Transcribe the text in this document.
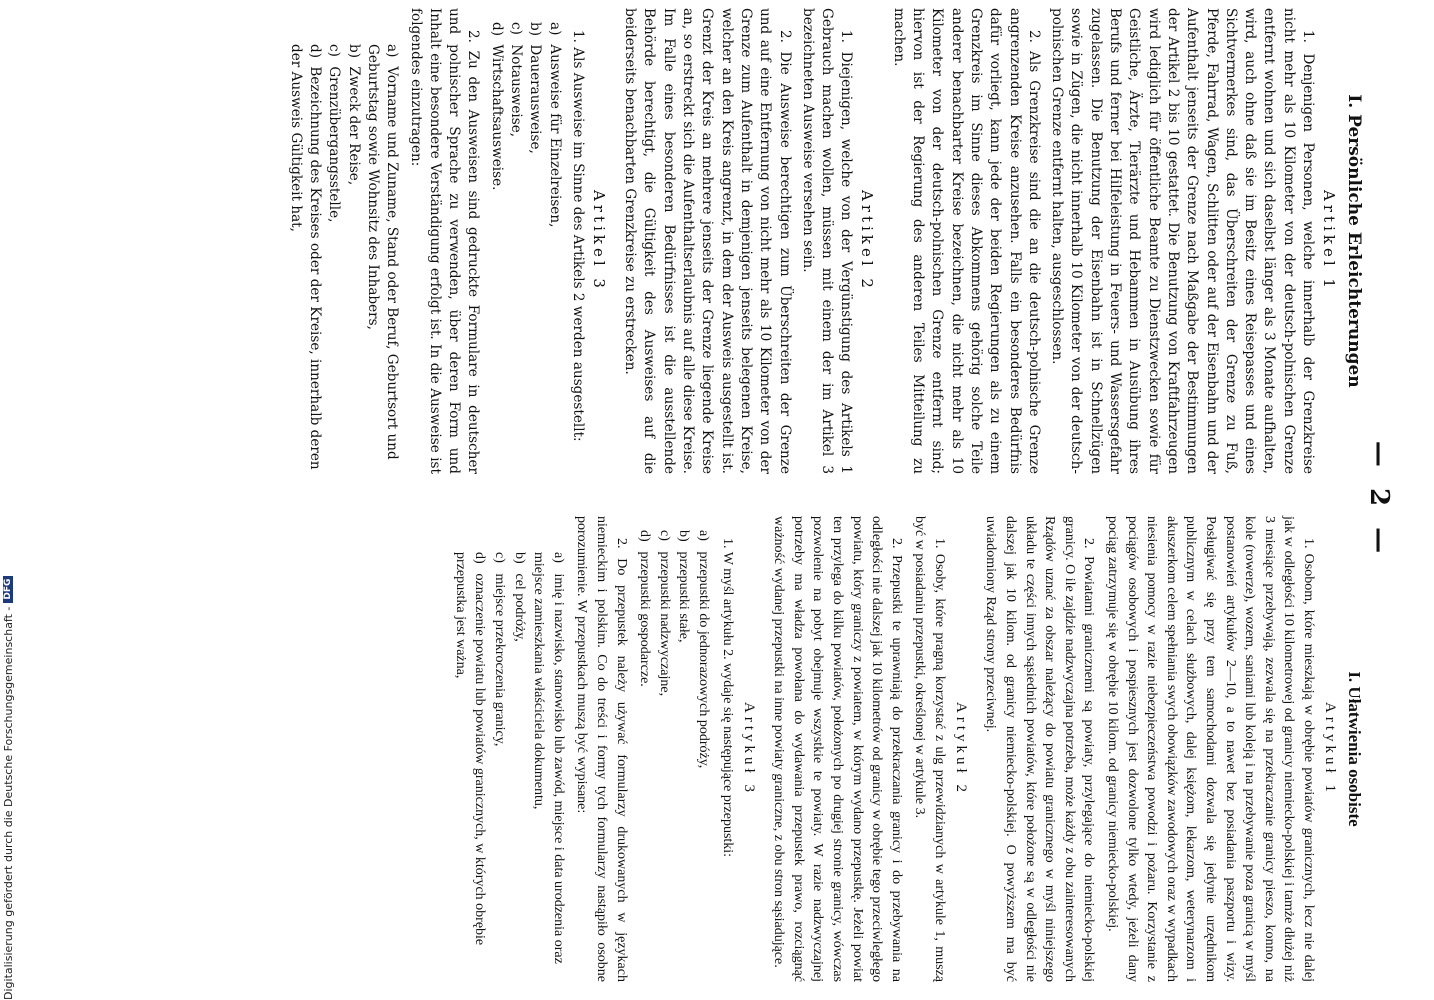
— 2 —
I. Persönliche Erleichterungen
Artikel 1

1. Denjenigen Personen, welche innerhalb der Grenzkreise nicht mehr als 10 Kilometer von der deutsch-polnischen Grenze entfernt wohnen und sich daselbst länger als 3 Monate aufhalten, wird, auch ohne daß sie im Besitz eines Reisepasses und eines Sichtvermerkes sind, das Überschreiten der Grenze zu Fuß, Pferde, Fahrrad, Wagen, Schlitten oder auf der Eisenbahn und der Aufenthalt jenseits der Grenze nach Maßgabe der Bestimmungen der Artikel 2 bis 10 gestattet. Die Benutzung von Kraftfahrzeugen wird lediglich für öffentliche Beamte zu Dienstzwecken sowie für Geistliche, Ärzte, Tierärzte und Hebammen in Ausübung ihres Berufs und ferner bei Hilfeleistung in Feuers- und Wassersgefahr zugelassen. Die Benutzung der Eisenbahn ist in Schnellzügen sowie in Zügen, die nicht innerhalb 10 Kilometer von der deutsch-polnischen Grenze entfernt halten, ausgeschlossen.

2. Als Grenzkreise sind die an die deutsch-polnische Grenze angrenzenden Kreise anzusehen. Falls ein besonderes Bedürfnis dafür vorliegt, kann jede der beiden Regierungen als zu einem Grenzkreis im Sinne dieses Abkommens gehörig solche Teile anderer benachbarter Kreise bezeichnen, die nicht mehr als 10 Kilometer von der deutsch-polnischen Grenze entfernt sind; hiervon ist der Regierung des anderen Teiles Mitteilung zu machen.

Artikel 2

1. Diejenigen, welche von der Vergünstigung des Artikels 1 Gebrauch machen wollen, müssen mit einem der im Artikel 3 bezeichneten Ausweise versehen sein.

2. Die Ausweise berechtigen zum Überschreiten der Grenze und auf eine Entfernung von nicht mehr als 10 Kilometer von der Grenze zum Aufenthalt in demjenigen jenseits belegenen Kreise, welcher an den Kreis angrenzt, in dem der Ausweis ausgestellt ist. Grenzt der Kreis an mehrere jenseits der Grenze liegende Kreise an, so erstreckt sich die Aufenthaltserlaubnis auf alle diese Kreise. Im Falle eines besonderen Bedürfnisses ist die ausstellende Behörde berechtigt, die Gültigkeit des Ausweises auf die beiderseits benachbarten Grenzkreise zu erstrecken.

Artikel 3

1. Als Ausweise im Sinne des Artikels 2 werden ausgestellt:

a) Ausweise für Einzelreisen,
b) Dauerausweise,
c) Notausweise,
d) Wirtschaftsausweise.

2. Zu den Ausweisen sind gedruckte Formulare in deutscher und polnischer Sprache zu verwenden, über deren Form und Inhalt eine besondere Verständigung erfolgt ist. In die Ausweise ist folgendes einzutragen:

a) Vorname und Zuname, Stand oder Beruf, Geburtsort und Geburtstag sowie Wohnsitz des Inhabers,
b) Zweck der Reise,
c) Grenzübergangsstelle,
d) Bezeichnung des Kreises oder der Kreise, innerhalb deren der Ausweis Gültigkeit hat,
I. Ułatwienia osobiste
Artykuł 1

1. Osobom, które mieszkają w obrębie powiatów granicznych, lecz nie dalej jak w odległości 10 kilometrowej od granicy niemiecko-polskiej i tamże dłużej niż 3 miesiące przebywają, zezwala się na przekraczanie granicy pieszo, konno, na kole (rowerze), wozem, saniami lub koleją i na przebywanie poza granicą w myśl postanowień artykułów 2—10, a to nawet bez posiadania paszportu i wizy. Posługiwać się przy tem samochodami dozwala się jedynie urzędnikom publicznym w celach służbowych, dalej księżom, lekarzom, weterynarzom i akuszerkom celem spełniania swych obowiązków zawodowych oraz w wypadkach niesienia pomocy w razie niebezpieczeństwa powodzi i pożaru. Korzystanie z pociągów osobowych i pospiesznych jest dozwolone tylko wtedy, jeżeli dany pociąg zatrzymuje się w obrębie 10 kilom. od granicy niemiecko-polskiej.

2. Powiatami granicznemi są powiaty, przylegające do niemiecko-polskiej granicy. O ile zajdzie nadzwyczajna potrzeba, może każdy z obu zainteresowanych Rządów uznać za obszar należący do powiatu granicznego w myśl niniejszego układu te części innych sąsiednich powiatów, które położone są w odległości nie dalszej jak 10 kilom. od granicy niemiecko-polskiej. O powyższem ma być uwiadomiony Rząd strony przeciwnej.

Artykuł 2

1. Osoby, które pragną korzystać z ulg przewidzianych w artykule 1, muszą być w posiadaniu przepustki, określonej w artykule 3.

2. Przepustki te uprawniają do przekraczania granicy i do przebywania na odległości nie dalszej jak 10 kilometrów od granicy w obrębie tego przeciwległego powiatu, który graniczy z powiatem, w którym wydano przepustkę. Jeżeli powiat ten przylega do kilku powiatów, położonych po drugiej stronie granicy, wówczas pozwolenie na pobyt obejmuje wszystkie te powiaty. W razie nadzwyczajnej potrzeby ma władza powołana do wydawania przepustek prawo, rozciągnąć ważność wydanej przepustki na inne powiaty graniczne, z obu stron sąsiadujące.

Artykuł 3

1. W myśl artykułu 2. wydaje się następujące przepustki:

a) przepustki do jednorazowych podróży,
b) przepustki stałe,
c) przepustki nadzwyczajne,
d) przepustki gospodarcze.

2. Do przepustek należy używać formularzy drukowanych w językach niemieckim i polskim. Co do treści i formy tych formularzy nastąpiło osobne porozumienie. W przepustkach muszą być wypisane:

a) imię i nazwisko, stanowisko lub zawód, miejsce i data urodzenia oraz miejsce zamieszkania właściciela dokumentu,
b) cel podróży,
c) miejsce przekroczenia granicy,
d) oznaczenie powiatu lub powiatów granicznych, w których obrębie przepustka jest ważna,
Digitalisierung gefördert durch die Deutsche Forschungsgemeinschaft -
DFG
